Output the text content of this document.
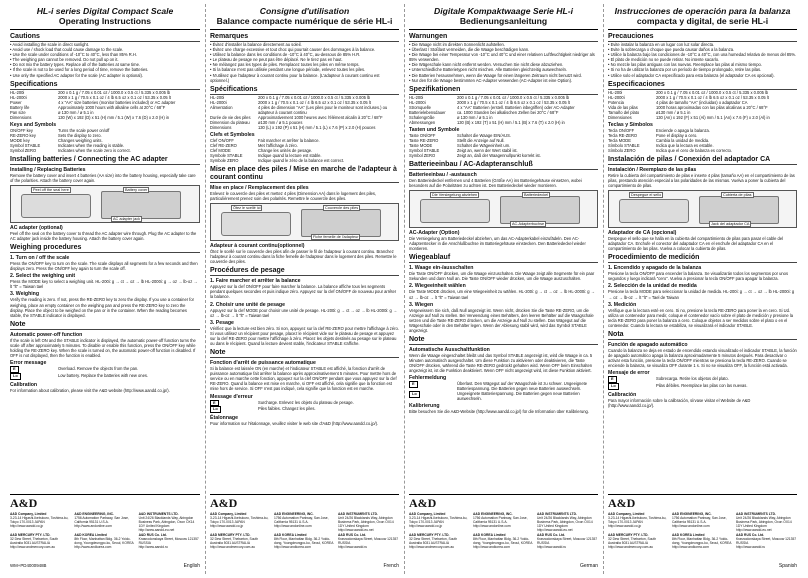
HL-i series Digital Compact Scale
Operating Instructions
Cautions
• Avoid installing the scale in direct sunlight.
• Avoid use / shock load that could cause damage to the scale.
• Use the scale under conditions of -10°C to 40°C, less than 85% R.H.
• The weighing pan cannot be removed. Do not pull up on it.
• Do not mix the battery types. Replace all of the batteries at same time.
• If the scale is not to be used for a long period of time, remove the batteries.
• Use only the specified AC adapter for the scale (AC adapter is optional).
Specifications
HL-200i	200 x 0.1 g / 7.05 x 0.01 oz / 1000.0 x 0.5 ct / 5.335 x 0.005 lb
HL-2000i	2000 x 1 g / 70.5 x 0.1 oz / 4 lb 6.5 oz x 0.1 oz / 53.35 x 0.05 lt
Power	4 x "AA" size batteries (monitor batteries included) or AC adapter
Battery life	Approximately 1000 hours with alkaline cells at 20°C / 68°F
Pan size	ø 130 mm / ø 5.1 in
Dimensions	130 (W) x 192 (D) x 51 (H) mm / 5.1 (W) x 7.6 (D) x 2.0 (H) in
Keys and Symbols
ON/OFF key	Turns the scale power on/off
RE-ZERO key	Sets the display to zero.
MODE key	Changes weighing units.
Symbol STABLE	Indicates when the reading is stable.
Symbol ZERO	Indicates when the scale zero is correct.
Installing batteries / Connecting the AC adapter
Installing / Replacing Batteries

Remove the battery cover and insert 4 batteries (AA size) into the battery housing, especially take care of the polarities. Attach the battery cover again.

Battery cover
Peel off the seal here
AC adapter jack
AC adapter (optional)

Peel off the seal on the battery cover to thread the AC adapter wire through. Plug the AC adapter to the AC adapter jack inside the battery housing. Attach the battery cover again.

Weighing procedures
1. Turn on / off the scale

Press the ON/OFF key to turn on the scale. The scale displays all segments for a few seconds and then displays zero. Press the ON/OFF key again to turn the scale off.

2. Select the weighing unit

Press the MODE key to select a weighing unit. HL-200i: g → ct → oz → lb HL-2000i: g → oz → lb-oz → lt "lt" = Taiwan tael

3. Weighing

Verify the reading is zero. If not, press the RE-ZERO key to zero the display. If you use a container for weighing, place an empty container on the weighing pan and press the RE-ZERO key to zero the display. Place the object to be weighed on the pan or in the container. When the reading becomes stable, the STABLE indicator is displayed.

Note
Automatic power-off function

If the scale is left ON and the STABLE indicator is displayed, the automatic power-off function turns the scale off after approximately 5 minutes. To disable or enable this function, press the ON/OFF key while holding the RE-ZERO key. When the scale is turned on, the automatic power-off function is disabled. If OFF is not displayed, then the function is enabled.

Error message
E	Overload. Remove the objects from the pan.
Lo	Low battery. Replace the batteries with new ones.
Calibration

For information about calibration, please visit the A&D website (http://www.aandd.co.jp/).

A&D
A&D Company, Limited
3-23-14 Higashi-Ikebukuro, Toshima-ku, Tokyo 170-0013 JAPAN
http://www.aandd.co.jp
A&D ENGINEERING, INC.
1756 Automation Parkway, San Jose, California 95131 U.S.A.
http://www.andonline.com
A&D INSTRUMENTS LTD.
Unit 24/26 Blacklands Way, Abingdon Business Park, Abingdon, Oxon OX14 1DY United Kingdom
http://www.aandd-eu.net
A&D MERCURY PTY. LTD.
32 Dew Street, Thebarton, South Australia 5031 AUSTRALIA
http://www.andmercury.com.au
A&D KOREA Limited
8th Floor, Manhattan Bldg. 36-2 Yoido-dong, Youngdeungpo-ku, Seoul, KOREA
http://www.andkorea.com
A&D RUS Co. Ltd.
Krasnodonskaya Street, Moscow 121357 RUSSIA
http://www.aandd.ru
WM+PD4000948B	English
Consigne d'utilisation
Balance compacte numérique de série HL-i
Remarques
• Évitez d'installer la balance directement au soleil.
• Évitez une charge excessive et tout choc qui pourrait causer des dommages à la balance.
• Utilisez la balance dans les conditions de -10°C à 40°C, au-dessous de 85% H.R.
• Le plateau de pesage ne peut pas être déplacé. Ne le tirez pas en haut.
• Ne mélangez pas les types de piles. Remplacez toutes les piles en même temps.
• Si la balance n'est pas utilisée pendant une longue période, enlevez toutes les piles.
• N'utilisez que l'adapteur à courant continu pour la balance. (L'adapteur à courant continu est optionnel.)
Spécifications
HL-200i	200 x 0.1 g / 7.05 x 0.01 oz / 1000.0 x 0.5 ct / 5.335 x 0.005 lb
HL-2000i	2000 x 1 g / 70.5 x 0.1 oz / 4 lb 6.5 oz x 0.1 oz / 53.35 x 0.05 lt
Alimentation	4 piles de dimension "AA" (Les piles pour le moniteur sont incluses.) ou adapteur à courant continu
Durée de vie des piles	Approximativement 1000 heures avec l'élément alcalin à 20°C / 68°F
Dimension du plateau	ø130 mm / ø 5.1 pouces
Dimensions	130 (L) x 192 (P) x 51 (H) mm / 5.1 (L) x 7.6 (P) x 2.0 (H) pouces
Clefs et Symboles
Clef ON/OFF	Fait marcher et arrêter la balance.
Clef RE-ZERO	Met l'affichage à zéro.
Clef MODE	Change les unités de pesage.
Symbole STABLE	Indique quand la lecture est stable.
Symbole ZERO	Indique quand le zéro de la balance est correct.
Mise en place des piles / Mise en marche de l'adapteur à courant continu
Mise en place / Remplacement des piles

Enlevez le couvercle des piles et mettez 4 piles (Dimension AA) dans le logement des piles, particulièrement prenez soin des polarités. Remettre le couvercle des piles.

Couvercle des piles
Ôtez le scellé ici
Fiche femelle de l'adapteur
Adapteur à courant continu(optionnel)

Ôtez le scellé sur le couvercle des piles afin de passer le fil de l'adapteur à courant continu. Branchez l'adapteur à courant continu dans la fiche femelle de l'adapteur dans le logement des piles. Remettre le couvercle des piles.

Procédures de pesage
1. Faire marcher et arrêter la balance

Appuyez sur la clef ON/OFF pour faire marcher la balance. La balance affiche tous les segments pendant quelques secondes et puis indique zéro. Appuyez sur la clef ON/OFF de nouveau pour arrêter la balance.

2. Choisir une unité de pesage

Appuyez sur la clef MODE pour choisir une unité de pesage. HL-200i: g → ct → oz → lb HL-2000i: g → oz → lb-oz → lt "lt" = Taiwan tael

3. Pesage

Vérifiez que la lecture est bien zéro. Si non, appuyez sur la clef RE-ZERO pour mettre l'affichage à zéro. Si vous utilisez un récipient pour pesage, placez le récipient vide sur le plateau de pesage et appuyez sur la clef RE-ZERO pour mettre l'affichage à zéro. Placez les objets destinés au pesage sur le plateau ou dans le récipient. Quand la lecture devient stable, l'indicateur STABLE s'affiche.

Note
Fonction d'arrêt de puissance automatique

Si la balance est laissée ON (en marche) et l'indicateur STABLE est affiché, la fonction d'arrêt de puissance automatique fait arrêter la balance après approximativement 5 minutes. Pour mettre hors de service ou en marche cette fonction, appuyez sur la clef ON/OFF pendant que vous appuyez sur la clef RE-ZERO. Quand la balance est mise en marche, si OFF est affiché, cela signifie que la fonction est mise hors de service. Si OFF n'est pas indiqué, cela signifie que la fonction est en marche.

Message d'erreur
E	Surcharge. Enlevez les objets du plateau de pesage.
Lo	Piles faibles. Changez les piles.
Étalonnage

Pour information sur l'étalonnage, veuillez visiter le web site d'A&D (http://www.aandd.co.jp/).

A&D
A&D Company, Limited
3-23-14 Higashi-Ikebukuro, Toshima-ku, Tokyo 170-0013 JAPAN
http://www.aandd.co.jp
A&D ENGINEERING, INC.
1756 Automation Parkway, San Jose, California 95131 U.S.A.
http://www.andonline.com
A&D INSTRUMENTS LTD.
Unit 24/26 Blacklands Way, Abingdon Business Park, Abingdon, Oxon OX14 1DY United Kingdom
http://www.aandd-eu.net
A&D MERCURY PTY. LTD.
32 Dew Street, Thebarton, South Australia 5031 AUSTRALIA
http://www.andmercury.com.au
A&D KOREA Limited
8th Floor, Manhattan Bldg. 36-2 Yoido-dong, Youngdeungpo-ku, Seoul, KOREA
http://www.andkorea.com
A&D RUS Co. Ltd.
Krasnodonskaya Street, Moscow 121357 RUSSIA
http://www.aandd.ru
French
Digitale Kompaktwaage Serie HL-i
Bedienungsanleitung
Warnungen
• Die Waage nicht im direkten Sonnenlicht aufstellen.
• Überlast / Stoßlast vermeiden, die die Waage beschädigen kann.
• Die Waage bei einer Temperatur von -10°C und 40°C und einer relativen Luftfeuchtigkeit niedriger als 85% verwenden.
• Die Wägeschale kann nicht entfernt werden. Versuchen Sie nicht diese abzuziehen.
• Unterschiedliche Batterietypen nicht mischen. Alle Batterien gleichzeitig auswechseln.
• Die Batterien herausnehmen, wenn die Waage für einen längeren Zeitraum nicht benutzt wird.
• Nur den für die Waage bestimmten AC-Adapter verwenden (AC-Adapter ist eine Option).
Spezifikationen
HL-200i	200 x 0.1 g / 7.05 x 0.01 oz / 1000.0 x 0.5 ct / 5.335 x 0.005 lb
HL-2000i	2000 x 1 g / 70.5 x 0.1 oz / 4 lb 6.5 oz x 0.1 oz / 53.35 x 0.05 lt
Stromquelle	4 x "AA" Batterien (erstell. Batterien inbegriffen) oder AC-Adapter
Batterielebensdauer	ca. 1000 Stunden bei alkalischen Zellen bei 20°C / 68°F
Schalengröße	ø 130 mm / ø 5.1 in
Abmessungen	130 (B) x 192 (T) x 51 (H) mm / 5.1 (B) x 7.6 (T) x 2.0 (H) in
Tasten und Symbole
Taste ON/OFF	Schaltet die Waage EIN/AUS.
Taste RE-ZERO	Stellt die Anzeige auf Null.
Taste MODE	Schaltet die Wägeeinheit um.
Symbol STABLE	Zeigt an, wenn der Wert stabil ist.
Symbol ZERO	Zeigt an, daß der Waagennullpunkt korrekt ist.
Batterieeinbau / AC-Adapteranschluß
Batterieeinbau / -austausch

Den Batteriedeckel entfernen und 4 Batterien (Größe AA) ins Batteriegehäuse einsetzen, wobei besonders auf die Polaritäten zu achten ist. Den Batteriedeckel wieder montieren.

Batteriedeckel
Die Versiegelung abziehen
AC-Adapterbuchse
AC-Adapter (Option)

Die Versiegelung am Batteriedeckel abziehen, um das AC-Adapterkabel einzufädeln. Den AC-Adapterstecker in die Anschlußbuchse im Batteriegehäuse einstecken. Den Batteriedeckel wieder montieren.

Wiegeablauf
1. Waage ein-/ausschalten

Die Taste ON/OFF drücken, um die Waage einzuschalten. Die Waage zeigt alle Segmente für ein paar Sekunden und dann Null an. Die Taste ON/OFF wieder drücken, um die Waage auszuschalten.

2. Wiegeeinheit wählen

Die Taste MODE drücken, um eine Wiegeeinheit zu wählen. HL-200i: g → ct → oz → lb HL-2000i: g → oz → lb-oz → lt "lt" = Taiwan tael

3. Wiegen

Vergewissern Sie sich, daß Null angezeigt ist. Wenn nicht, drücken Sie die Taste RE-ZERO, um die Anzeige auf Null zu stellen. Bei Verwendung eines Behälters, den leeren Behälter auf die Waagschale setzen und die Taste RE-ZERO drücken, um die Anzeige auf Null zu stellen. Das Wägegut auf die Wägeschale oder in den Behälter legen. Wenn der Ablesung stabil wird, wird das Symbol STABLE angezeigt.

Note
Automatische Ausschaltfunktion

Wenn die Waage eingeschaltet bleibt und das Symbol STABLE angezeigt ist, wird die Waage in ca. 5 Minuten automatisch ausgeschaltet. Um diese Funktion zu aktivieren oder deaktivieren, die Taste ON/OFF drücken, während die Taste RE-ZERO gedrückt gehalten wird. Wenn OFF beim Einschalten angezeigt ist, ist die Funktion deaktiviert. Wenn OFF nicht angezeigt wird, ist diese Funktion aktiviert.

Fehlermeldung
E	Überlast. Den Wägegut auf der Waagschale ist zu schwer. Ungeeignete Batteriespannung. Die Batterien gegen neue Batterien auswechseln.
Lo	Ungeeignete Batteriespannung. Die Batterien gegen neue Batterien auswechseln.
Kalibrierung

Bitte besuchen Sie die A&D-Website (http://www.aandd.co.jp/) für die Information über Kalibrierung.

A&D
A&D Company, Limited
3-23-14 Higashi-Ikebukuro, Toshima-ku, Tokyo 170-0013 JAPAN
http://www.aandd.co.jp
A&D ENGINEERING, INC.
1756 Automation Parkway, San Jose, California 95131 U.S.A.
http://www.andonline.com
A&D INSTRUMENTS LTD.
Unit 24/26 Blacklands Way, Abingdon Business Park, Abingdon, Oxon OX14 1DY United Kingdom
http://www.aandd-eu.net
A&D MERCURY PTY. LTD.
32 Dew Street, Thebarton, South Australia 5031 AUSTRALIA
http://www.andmercury.com.au
A&D KOREA Limited
8th Floor, Manhattan Bldg. 36-2 Yoido-dong, Youngdeungpo-ku, Seoul, KOREA
http://www.andkorea.com
A&D RUS Co. Ltd.
Krasnodonskaya Street, Moscow 121357 RUSSIA
http://www.aandd.ru
German
Instrucciones de operación para la balanza
compacta y digital, de serie HL-i
Precauciones
• Evite instalar la balanza en un lugar con luz solar directa.
• Evite la sobrecarga o choque que pueda causar daños a la balanza.
• Utilice la balanza bajo las condiciones de -10°C a 40°C, con una humedad relativa de menos del 85%.
• El plato de medición no se puede retirar. No intente sacarlo.
• No mezcle las pilas antiguas con las nuevas. Reemplace las pilas al mismo tiempo.
• Si no ha de utilizar la balanza por un período de tiempo prolongado, retire las pilas.
• Utilice solo el adaptador CA especificado para esta balanza (el adaptador CA es opcional).
Especificaciones
HL-200i	200 x 0.1 g / 7.05 x 0.01 oz / 1000.0 x 0.5 ct / 5.335 x 0.005 lb
HL-2000i	2000 x 1 g / 70.5 x 0.1 oz / 4 lb 6.5 oz x 0.1 oz / 53.35 x 0.05 lt
Potencia	4 pilas de tamaño "AA" (incluidas) o adaptador CA
Vida de las pilas	1000 horas aproximadas con las pilas alcalinas a 20°C / 68°F
Tamaño del plato	ø130 mm / ø 5.1 in
Dimensiones	130 (An) x 192 (F) x 51 (Al) mm / 5.1 (An) x 7.6 (F) x 2.0 (Al) in
Teclas y Símbolos
Tecla ON/OFF	Enciende o apaga la balanza.
Tecla RE-ZERO	Pone el display a cero.
Tecla MODE	Cambia la unidad de medida.
Símbolo STABLE	Indica que la lectura es estable.
Símbolo ZERO	Indica que el cero de balanza es correcto.
Instalación de pilas / Conexión del adaptador CA
Instalación / Reemplazo de las pilas

Retire la cubierta del compartimiento de pilas e inserte 4 pilas (tamaño AA) en el compartimiento de las pilas, prestando atención especial a las polaridades de las mismas. Vuelva a poner la cubierta del compartimiento de pilas.

Cubierta de pilas
Despegue el sello
Jack del adaptador CA
Adaptador de CA (opcional)

Despegue el sello que se halla en la cubierta del compartimiento de pilas para pasar el cable del adaptador CA. Enchufe el conector del adaptador CA en el enchufe del adaptador CA en el compartimiento de las pilas. Vuelva a colocar la cubierta de pilas.

Procedimiento de medición
1. Encendido y apagado de la balanza

Presione la tecla ON/OFF para encender la balanza. Se visualizarán todos los segmentos por unos segundos y luego indicará "cero". Vuelva a presionar la tecla ON/OFF para apagar la balanza.

2. Selección de la unidad de medida

Presione la tecla MODE para seleccionar la unidad de medida. HL-200i: g → ct → oz → lb HL-2000i: g → oz → lb-oz → lt "lt" = Tael de Taiwan

3. Medición

Verifique que la lectura esté en cero. Si no, presione la tecla RE-ZERO para poner la en cero. Si Ud. utiliza un contenedor para medir, coloque el contenedor vacío sobre el plato de medición y presione la tecla RE-ZERO para poner la balanza a cero. Coloque objetos a ser medidos sobre el plato o en el contenedor. Cuando la lectura se estabiliza, se visualizará el indicador STABLE.

Nota
Función de apagado automático

Cuando la balanza se deja en estado de encendido estando visualizado el indicador STABLE, la función de apagado automático apaga la balanza aproximadamente 5 minutos después. Para desactivar o activar esta función, presione la tecla ON/OFF mientras se presiona la tecla RE-ZERO. Cuando se enciende la balanza, se visualiza OFF durante 1 s. Si no se visualiza OFF, la función está activada.

Mensaje de error
E	Sobrecarga. Retire los objetos del plato.
Lo	Pilas débiles. Reemplace las pilas con las nuevas.
Calibración

Para mayor información sobre la calibración, sírvase visitar el Website de A&D (http://www.aandd.co.jp/).

A&D
A&D Company, Limited
3-23-14 Higashi-Ikebukuro, Toshima-ku, Tokyo 170-0013 JAPAN
http://www.aandd.co.jp
A&D ENGINEERING, INC.
1756 Automation Parkway, San Jose, California 95131 U.S.A.
http://www.andonline.com
A&D INSTRUMENTS LTD.
Unit 24/26 Blacklands Way, Abingdon Business Park, Abingdon, Oxon OX14 1DY United Kingdom
http://www.aandd-eu.net
A&D MERCURY PTY. LTD.
32 Dew Street, Thebarton, South Australia 5031 AUSTRALIA
http://www.andmercury.com.au
A&D KOREA Limited
8th Floor, Manhattan Bldg. 36-2 Yoido-dong, Youngdeungpo-ku, Seoul, KOREA
http://www.andkorea.com
A&D RUS Co. Ltd.
Krasnodonskaya Street, Moscow 121357 RUSSIA
http://www.aandd.ru
Spanish
